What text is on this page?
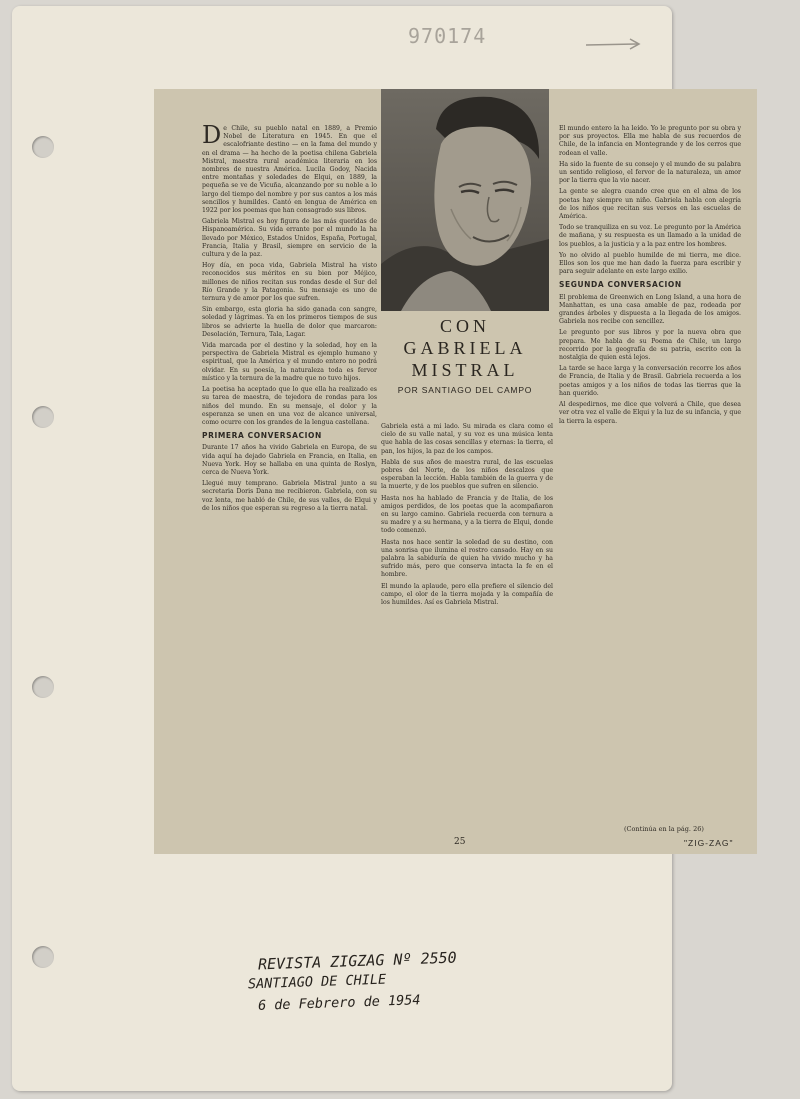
970174
CON GABRIELA
MISTRAL
POR SANTIAGO DEL CAMPO

De Chile, su pueblo natal en 1889, a Premio Nobel de Literatura en 1945. En que el escalofriante destino — en la fama del mundo y en el drama — ha hecho de la poetisa chilena Gabriela Mistral, maestra rural académica literaria en los nombres de nuestra América. Lucila Godoy, Nacida entre montañas y soledades de Elqui, en 1889, la pequeña se ve de Vicuña, alcanzando por su noble a lo largo del tiempo del nombre y por sus cantos a los más sencillos y humildes. Cantó en lengua de América en 1922 por los poemas que han consagrado sus libros.

Gabriela Mistral es hoy figura de las más queridas de Hispanoamérica. Su vida errante por el mundo la ha llevado por México, Estados Unidos, España, Portugal, Francia, Italia y Brasil, siempre en servicio de la cultura y de la paz.

Hoy día, en poca vida, Gabriela Mistral ha visto reconocidos sus méritos en su bien por Méjico, millones de niños recitan sus rondas desde el Sur del Río Grande y la Patagonia. Su mensaje es uno de ternura y de amor por los que sufren.

Sin embargo, esta gloria ha sido ganada con sangre, soledad y lágrimas. Ya en los primeros tiempos de sus libros se advierte la huella de dolor que marcaron: Desolación, Ternura, Tala, Lagar.

Vida marcada por el destino y la soledad, hoy en la perspectiva de Gabriela Mistral es ejemplo humano y espiritual, que la América y el mundo entero no podrá olvidar. En su poesía, la naturaleza toda es fervor místico y la ternura de la madre que no tuvo hijos.

La poetisa ha aceptado que lo que ella ha realizado es su tarea de maestra, de tejedora de rondas para los niños del mundo. En su mensaje, el dolor y la esperanza se unen en una voz de alcance universal, como ocurre con los grandes de la lengua castellana.

PRIMERA CONVERSACION

Durante 17 años ha vivido Gabriela en Europa, de su vida aquí ha dejado Gabriela en Francia, en Italia, en Nueva York. Hoy se hallaba en una quinta de Roslyn, cerca de Nueva York.

Llegué muy temprano. Gabriela Mistral junto a su secretaria Doris Dana me recibieron. Gabriela, con su voz lenta, me habló de Chile, de sus valles, de Elqui y de los niños que esperan su regreso a la tierra natal.

Gabriela está a mi lado. Su mirada es clara como el cielo de su valle natal, y su voz es una música lenta que habla de las cosas sencillas y eternas: la tierra, el pan, los hijos, la paz de los campos.

Habla de sus años de maestra rural, de las escuelas pobres del Norte, de los niños descalzos que esperaban la lección. Habla también de la guerra y de la muerte, y de los pueblos que sufren en silencio.

Hasta nos ha hablado de Francia y de Italia, de los amigos perdidos, de los poetas que la acompañaron en su largo camino. Gabriela recuerda con ternura a su madre y a su hermana, y a la tierra de Elqui, donde todo comenzó.

Hasta nos hace sentir la soledad de su destino, con una sonrisa que ilumina el rostro cansado. Hay en su palabra la sabiduría de quien ha vivido mucho y ha sufrido más, pero que conserva intacta la fe en el hombre.

El mundo la aplaude, pero ella prefiere el silencio del campo, el olor de la tierra mojada y la compañía de los humildes. Así es Gabriela Mistral.

El mundo entero la ha leído. Yo le pregunto por su obra y por sus proyectos. Ella me habla de sus recuerdos de Chile, de la infancia en Montegrande y de los cerros que rodean el valle.

Ha sido la fuente de su consejo y el mundo de su palabra un sentido religioso, el fervor de la naturaleza, un amor por la tierra que la vio nacer.

La gente se alegra cuando cree que en el alma de los poetas hay siempre un niño. Gabriela habla con alegría de los niños que recitan sus versos en las escuelas de América.

Todo se tranquiliza en su voz. Le pregunto por la América de mañana, y su respuesta es un llamado a la unidad de los pueblos, a la justicia y a la paz entre los hombres.

Yo no olvido al pueblo humilde de mi tierra, me dice. Ellos son los que me han dado la fuerza para escribir y para seguir adelante en este largo exilio.

SEGUNDA CONVERSACION

El problema de Greenwich en Long Island, a una hora de Manhattan, es una casa amable de paz, rodeada por grandes árboles y dispuesta a la llegada de los amigos. Gabriela nos recibe con sencillez.

Le pregunto por sus libros y por la nueva obra que prepara. Me habla de su Poema de Chile, un largo recorrido por la geografía de su patria, escrito con la nostalgia de quien está lejos.

La tarde se hace larga y la conversación recorre los años de Francia, de Italia y de Brasil. Gabriela recuerda a los poetas amigos y a los niños de todas las tierras que la han querido.

Al despedirnos, me dice que volverá a Chile, que desea ver otra vez el valle de Elqui y la luz de su infancia, y que la tierra la espera.

25
(Continúa en la pág. 26)
"ZIG-ZAG"
REVISTA ZIGZAG Nº 2550
SANTIAGO DE CHILE
6 de Febrero de 1954
